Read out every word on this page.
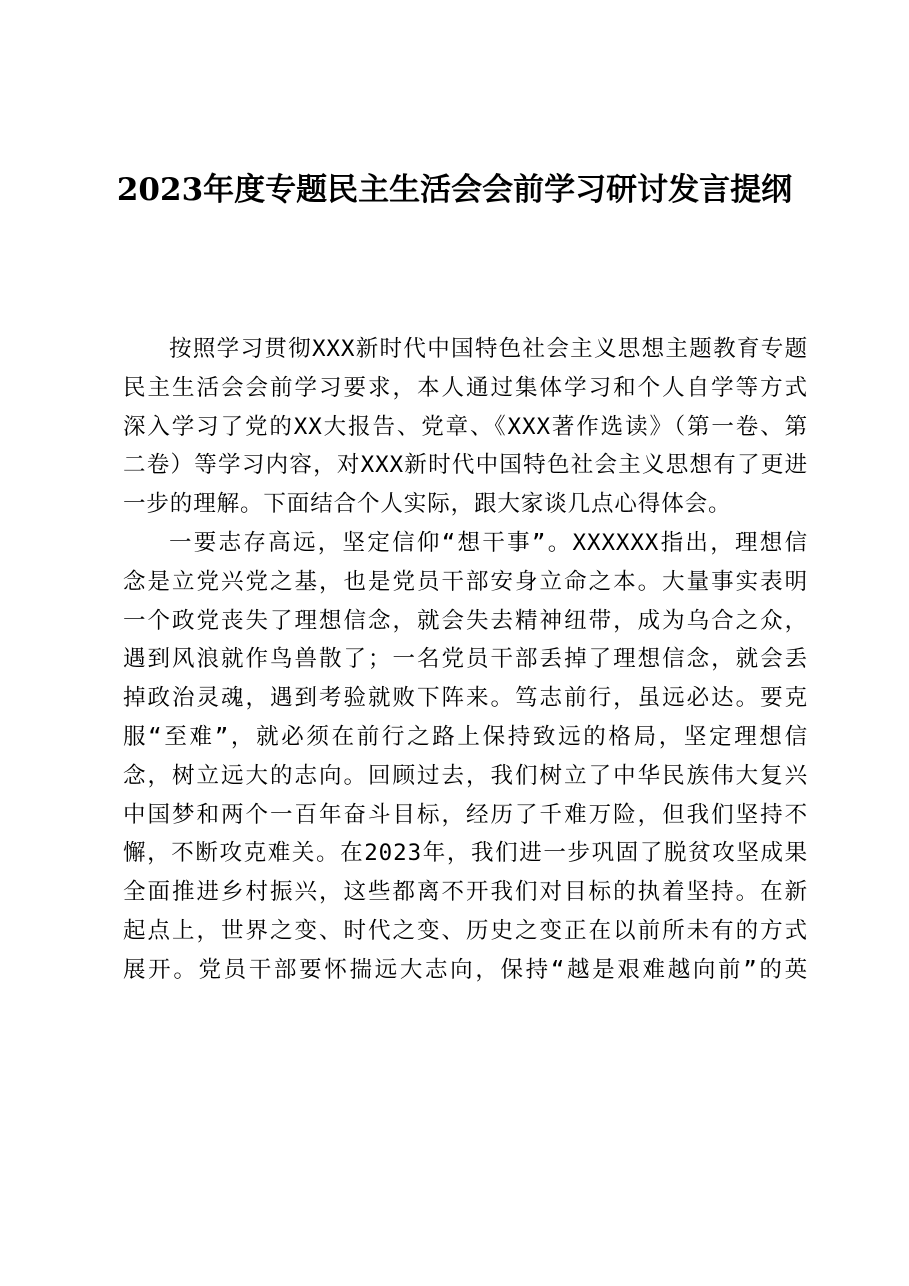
2023年度专题民主生活会会前学习研讨发言提纲
按照学习贯彻XXX新时代中国特色社会主义思想主题教育专题
民主生活会会前学习要求，本人通过集体学习和个人自学等方式
深入学习了党的XX大报告、党章、《XXX著作选读》（第一卷、第
二卷）等学习内容，对XXX新时代中国特色社会主义思想有了更进
一步的理解。下面结合个人实际，跟大家谈几点心得体会。
一要志存高远，坚定信仰“想干事”。XXXXXX指出，理想信
念是立党兴党之基，也是党员干部安身立命之本。大量事实表明
一个政党丧失了理想信念，就会失去精神纽带，成为乌合之众，
遇到风浪就作鸟兽散了；一名党员干部丢掉了理想信念，就会丢
掉政治灵魂，遇到考验就败下阵来。笃志前行，虽远必达。要克
服“至难”，就必须在前行之路上保持致远的格局，坚定理想信
念，树立远大的志向。回顾过去，我们树立了中华民族伟大复兴
中国梦和两个一百年奋斗目标，经历了千难万险，但我们坚持不
懈，不断攻克难关。在2023年，我们进一步巩固了脱贫攻坚成果
全面推进乡村振兴，这些都离不开我们对目标的执着坚持。在新
起点上，世界之变、时代之变、历史之变正在以前所未有的方式
展开。党员干部要怀揣远大志向，保持“越是艰难越向前”的英
